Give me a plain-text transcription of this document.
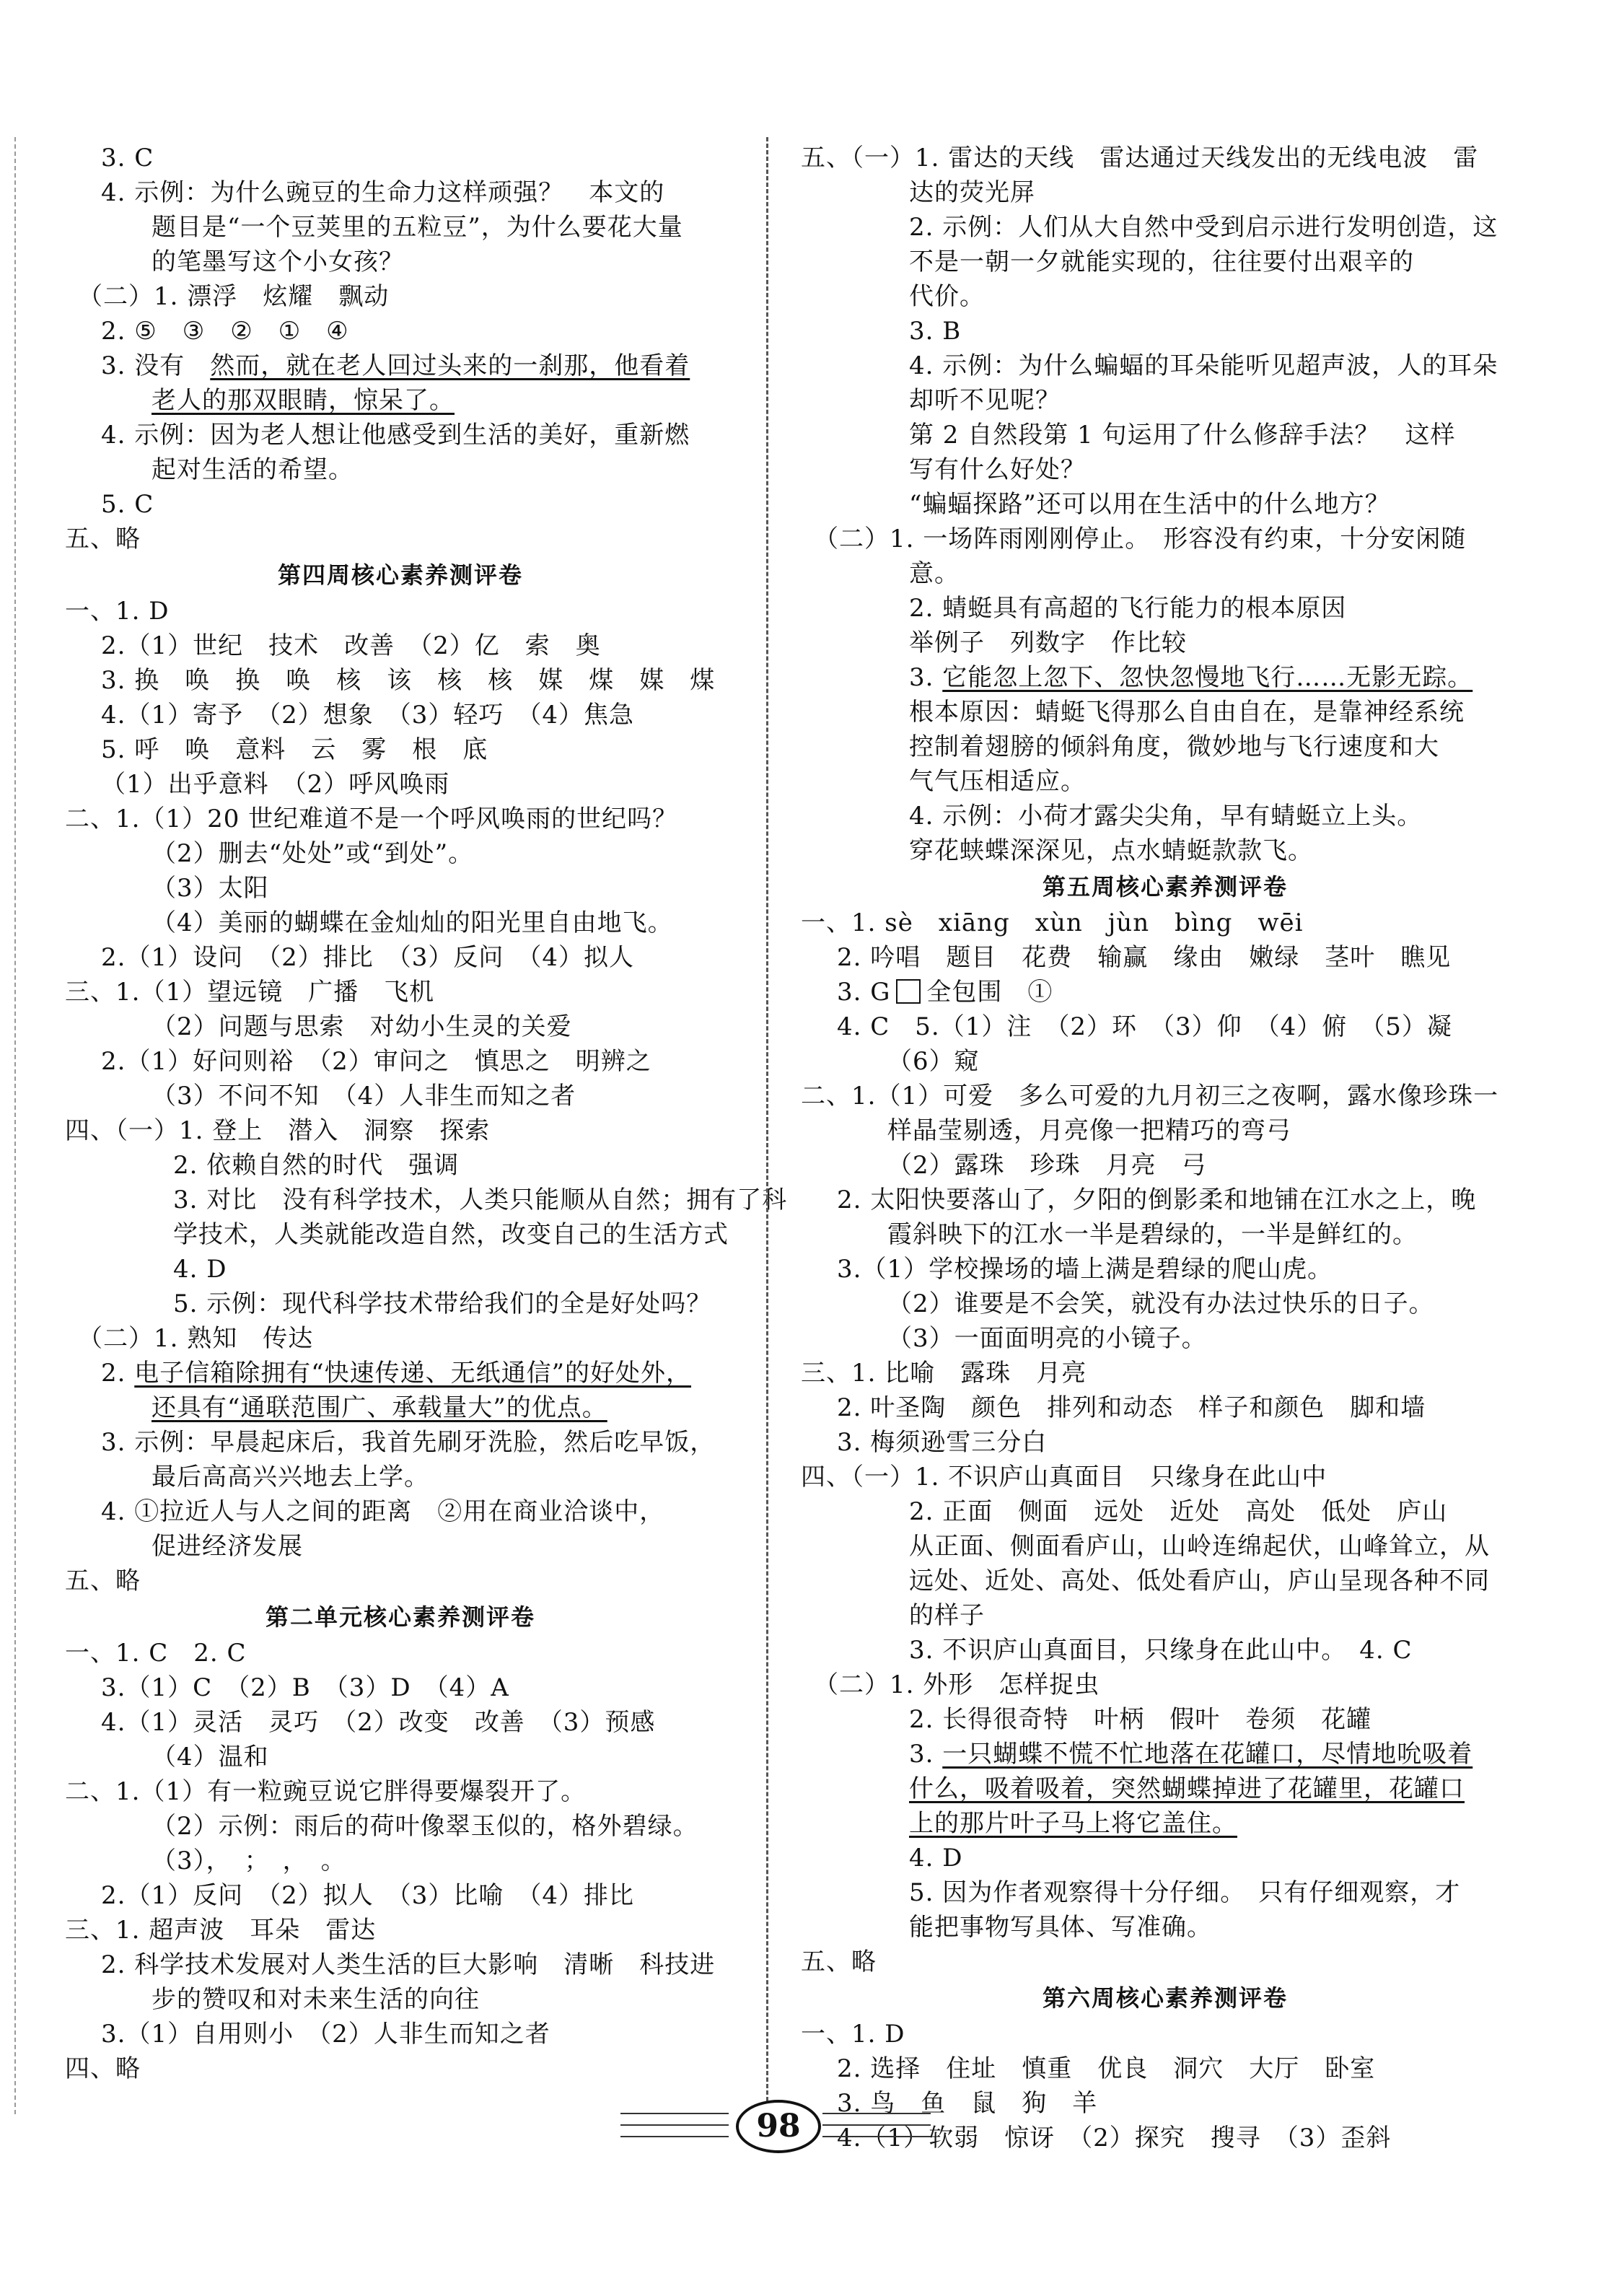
3. C
4. 示例：为什么豌豆的生命力这样顽强？　本文的
题目是“一个豆荚里的五粒豆”，为什么要花大量
的笔墨写这个小女孩？
　（二）1. 漂浮　炫耀　飘动
2. ⑤　③　②　①　④
3. 没有　然而，就在老人回过头来的一刹那，他看着
老人的那双眼睛，惊呆了。
4. 示例：因为老人想让他感受到生活的美好，重新燃
起对生活的希望。
5. C
五、略
第四周核心素养测评卷
一、1. D
2.（1）世纪　技术　改善　（2）亿　索　奥
3. 换　唤　换　唤　核　该　核　核　媒　煤　媒　煤
4.（1）寄予　（2）想象　（3）轻巧　（4）焦急
5. 呼　唤　意料　云　雾　根　底
（1）出乎意料　（2）呼风唤雨
二、1.（1）20 世纪难道不是一个呼风唤雨的世纪吗？
（2）删去“处处”或“到处”。
（3）太阳
（4）美丽的蝴蝶在金灿灿的阳光里自由地飞。
2.（1）设问　（2）排比　（3）反问　（4）拟人
三、1.（1）望远镜　广播　飞机
（2）问题与思索　对幼小生灵的关爱
2.（1）好问则裕　（2）审问之　慎思之　明辨之
（3）不问不知　（4）人非生而知之者
四、（一）1. 登上　潜入　洞察　探索
2. 依赖自然的时代　强调
3. 对比　没有科学技术，人类只能顺从自然；拥有了科
学技术，人类就能改造自然，改变自己的生活方式
4. D
5. 示例：现代科学技术带给我们的全是好处吗？
　（二）1. 熟知　传达
2. 电子信箱除拥有“快速传递、无纸通信”的好处外，
还具有“通联范围广、承载量大”的优点。
3. 示例：早晨起床后，我首先刷牙洗脸，然后吃早饭，
最后高高兴兴地去上学。
4. ①拉近人与人之间的距离　②用在商业洽谈中，
促进经济发展
五、略
第二单元核心素养测评卷
一、1. C　2. C
3.（1）C　（2）B　（3）D　（4）A
4.（1）灵活　灵巧　（2）改变　改善　（3）预感
（4）温和
二、1.（1）有一粒豌豆说它胖得要爆裂开了。
（2）示例：雨后的荷叶像翠玉似的，格外碧绿。
（3），　；　，　。
2.（1）反问　（2）拟人　（3）比喻　（4）排比
三、1. 超声波　耳朵　雷达
2. 科学技术发展对人类生活的巨大影响　清晰　科技进
步的赞叹和对未来生活的向往
3.（1）自用则小　（2）人非生而知之者
四、略
五、（一）1. 雷达的天线　雷达通过天线发出的无线电波　雷
达的荧光屏
2. 示例：人们从大自然中受到启示进行发明创造，这
不是一朝一夕就能实现的，往往要付出艰辛的
代价。
3. B
4. 示例：为什么蝙蝠的耳朵能听见超声波，人的耳朵
却听不见呢？
第 2 自然段第 1 句运用了什么修辞手法？　这样
写有什么好处？
“蝙蝠探路”还可以用在生活中的什么地方？
　（二）1. 一场阵雨刚刚停止。　形容没有约束，十分安闲随
意。
2. 蜻蜓具有高超的飞行能力的根本原因
举例子　列数字　作比较
3. 它能忽上忽下、忽快忽慢地飞行……无影无踪。
根本原因：蜻蜓飞得那么自由自在，是靠神经系统
控制着翅膀的倾斜角度，微妙地与飞行速度和大
气气压相适应。
4. 示例：小荷才露尖尖角，早有蜻蜓立上头。
穿花蛱蝶深深见，点水蜻蜓款款飞。
第五周核心素养测评卷
一、1. sè　xiāng　xùn　jùn　bìng　wēi
2. 吟唱　题目　花费　输赢　缘由　嫩绿　茎叶　瞧见
3. G 全包围　①
4. C　5.（1）注　（2）环　（3）仰　（4）俯　（5）凝
（6）窥
二、1.（1）可爱　多么可爱的九月初三之夜啊，露水像珍珠一
样晶莹剔透，月亮像一把精巧的弯弓
（2）露珠　珍珠　月亮　弓
2. 太阳快要落山了，夕阳的倒影柔和地铺在江水之上，晚
霞斜映下的江水一半是碧绿的，一半是鲜红的。
3.（1）学校操场的墙上满是碧绿的爬山虎。
（2）谁要是不会笑，就没有办法过快乐的日子。
（3）一面面明亮的小镜子。
三、1. 比喻　露珠　月亮
2. 叶圣陶　颜色　排列和动态　样子和颜色　脚和墙
3. 梅须逊雪三分白
四、（一）1. 不识庐山真面目　只缘身在此山中
2. 正面　侧面　远处　近处　高处　低处　庐山
从正面、侧面看庐山，山岭连绵起伏，山峰耸立，从
远处、近处、高处、低处看庐山，庐山呈现各种不同
的样子
3. 不识庐山真面目，只缘身在此山中。　4. C
　（二）1. 外形　怎样捉虫
2. 长得很奇特　叶柄　假叶　卷须　花罐
3. 一只蝴蝶不慌不忙地落在花罐口，尽情地吮吸着
什么，吸着吸着，突然蝴蝶掉进了花罐里，花罐口
上的那片叶子马上将它盖住。
4. D
5. 因为作者观察得十分仔细。　只有仔细观察，才
能把事物写具体、写准确。
五、略
第六周核心素养测评卷
一、1. D
2. 选择　住址　慎重　优良　洞穴　大厅　卧室
3. 鸟　鱼　鼠　狗　羊
4.（1）软弱　惊讶　（2）探究　搜寻　（3）歪斜
98
